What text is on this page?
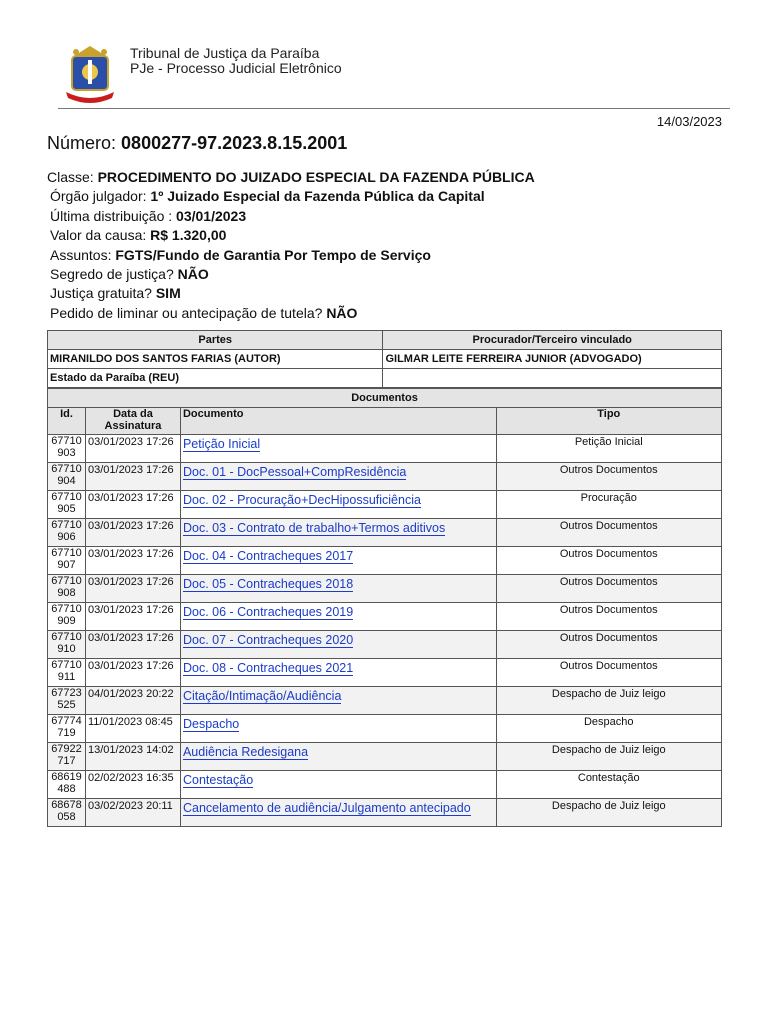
Tribunal de Justiça da Paraíba
PJe - Processo Judicial Eletrônico
14/03/2023
Número: 0800277-97.2023.8.15.2001
Classe: PROCEDIMENTO DO JUIZADO ESPECIAL DA FAZENDA PÚBLICA
Órgão julgador: 1º Juizado Especial da Fazenda Pública da Capital
Última distribuição : 03/01/2023
Valor da causa: R$ 1.320,00
Assuntos: FGTS/Fundo de Garantia Por Tempo de Serviço
Segredo de justiça? NÃO
Justiça gratuita? SIM
Pedido de liminar ou antecipação de tutela? NÃO
Partes	Procurador/Terceiro vinculado
MIRANILDO DOS SANTOS FARIAS (AUTOR)	GILMAR LEITE FERREIRA JUNIOR (ADVOGADO)
Estado da Paraíba (REU)	
Documentos			
Id.	Data da Assinatura	Documento	Tipo

67710
903	03/01/2023 17:26	Petição Inicial	Petição Inicial

67710
904	03/01/2023 17:26	Doc. 01 - DocPessoal+CompResidência	Outros Documentos

67710
905	03/01/2023 17:26	Doc. 02 - Procuração+DecHipossuficiência	Procuração

67710
906	03/01/2023 17:26	Doc. 03 - Contrato de trabalho+Termos aditivos	Outros Documentos

67710
907	03/01/2023 17:26	Doc. 04 - Contracheques 2017	Outros Documentos

67710
908	03/01/2023 17:26	Doc. 05 - Contracheques 2018	Outros Documentos

67710
909	03/01/2023 17:26	Doc. 06 - Contracheques 2019	Outros Documentos

67710
910	03/01/2023 17:26	Doc. 07 - Contracheques 2020	Outros Documentos

67710
911	03/01/2023 17:26	Doc. 08 - Contracheques 2021	Outros Documentos

67723
525	04/01/2023 20:22	Citação/Intimação/Audiência	Despacho de Juiz leigo

67774
719	11/01/2023 08:45	Despacho	Despacho

67922
717	13/01/2023 14:02	Audiência Redesigana	Despacho de Juiz leigo

68619
488	02/02/2023 16:35	Contestação	Contestação

68678
058	03/02/2023 20:11	Cancelamento de audiência/Julgamento antecipado	Despacho de Juiz leigo
